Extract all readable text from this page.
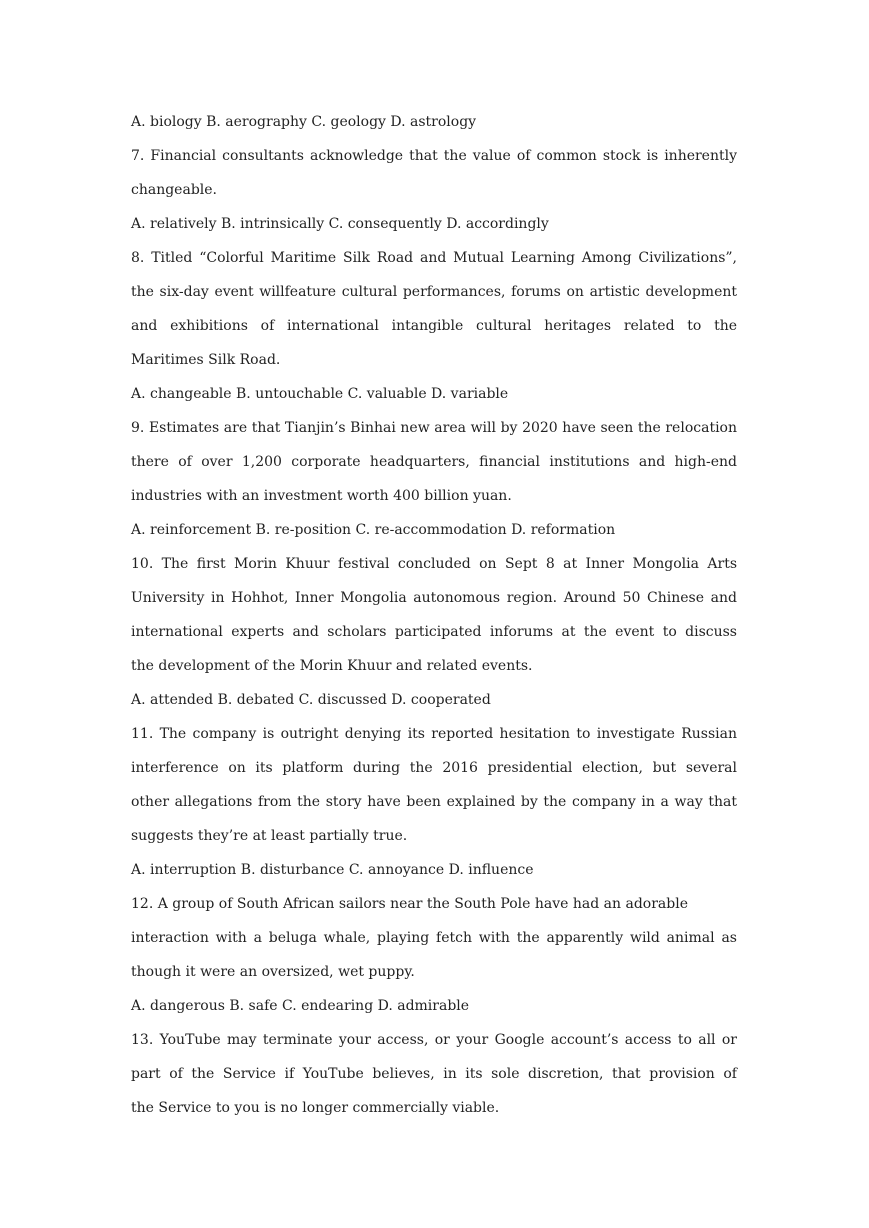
A. biology B. aerography C. geology D. astrology

7. Financial consultants acknowledge that the value of common stock is inherently

changeable.

A. relatively B. intrinsically C. consequently D. accordingly

8. Titled “Colorful Maritime Silk Road and Mutual Learning Among Civilizations”,

the six-day event willfeature cultural performances, forums on artistic development

and exhibitions of international intangible cultural heritages related to the

Maritimes Silk Road.

A. changeable B. untouchable C. valuable D. variable

9. Estimates are that Tianjin’s Binhai new area will by 2020 have seen the relocation

there of over 1,200 corporate headquarters, financial institutions and high-end

industries with an investment worth 400 billion yuan.

A. reinforcement B. re-position C. re-accommodation D. reformation

10. The first Morin Khuur festival concluded on Sept 8 at Inner Mongolia Arts

University in Hohhot, Inner Mongolia autonomous region. Around 50 Chinese and

international experts and scholars participated inforums at the event to discuss

the development of the Morin Khuur and related events.

A. attended B. debated C. discussed D. cooperated

11. The company is outright denying its reported hesitation to investigate Russian

interference on its platform during the 2016 presidential election, but several

other allegations from the story have been explained by the company in a way that

suggests they’re at least partially true.

A. interruption B. disturbance C. annoyance D. influence

12. A group of South African sailors near the South Pole have had an adorable

interaction with a beluga whale, playing fetch with the apparently wild animal as

though it were an oversized, wet puppy.

A. dangerous B. safe C. endearing D. admirable

13. YouTube may terminate your access, or your Google account’s access to all or

part of the Service if YouTube believes, in its sole discretion, that provision of

the Service to you is no longer commercially viable.
